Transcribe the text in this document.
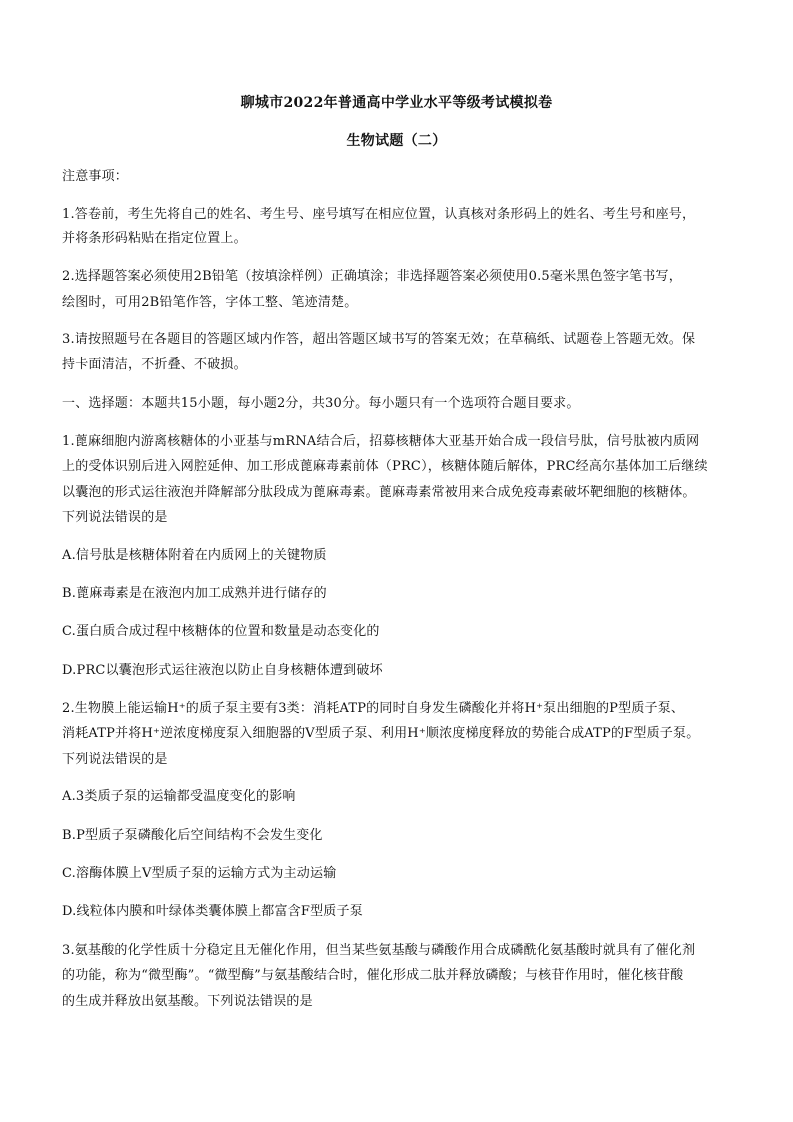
聊城市2022年普通高中学业水平等级考试模拟卷
生物试题（二）
注意事项：
1.答卷前，考生先将自己的姓名、考生号、座号填写在相应位置，认真核对条形码上的姓名、考生号和座号，
并将条形码粘贴在指定位置上。
2.选择题答案必须使用2B铅笔（按填涂样例）正确填涂；非选择题答案必须使用0.5毫米黑色签字笔书写，
绘图时，可用2B铅笔作答，字体工整、笔迹清楚。
3.请按照题号在各题目的答题区域内作答，超出答题区域书写的答案无效；在草稿纸、试题卷上答题无效。保
持卡面清洁，不折叠、不破损。
一、选择题：本题共15小题，每小题2分，共30分。每小题只有一个选项符合题目要求。
1.蓖麻细胞内游离核糖体的小亚基与mRNA结合后，招募核糖体大亚基开始合成一段信号肽，信号肽被内质网
上的受体识别后进入网腔延伸、加工形成蓖麻毒素前体（PRC），核糖体随后解体，PRC经高尔基体加工后继续
以囊泡的形式运往液泡并降解部分肽段成为蓖麻毒素。蓖麻毒素常被用来合成免疫毒素破坏靶细胞的核糖体。
下列说法错误的是
A.信号肽是核糖体附着在内质网上的关键物质
B.蓖麻毒素是在液泡内加工成熟并进行储存的
C.蛋白质合成过程中核糖体的位置和数量是动态变化的
D.PRC以囊泡形式运往液泡以防止自身核糖体遭到破坏
2.生物膜上能运输H⁺的质子泵主要有3类：消耗ATP的同时自身发生磷酸化并将H⁺泵出细胞的P型质子泵、
消耗ATP并将H⁺逆浓度梯度泵入细胞器的V型质子泵、利用H⁺顺浓度梯度释放的势能合成ATP的F型质子泵。
下列说法错误的是
A.3类质子泵的运输都受温度变化的影响
B.P型质子泵磷酸化后空间结构不会发生变化
C.溶酶体膜上V型质子泵的运输方式为主动运输
D.线粒体内膜和叶绿体类囊体膜上都富含F型质子泵
3.氨基酸的化学性质十分稳定且无催化作用，但当某些氨基酸与磷酸作用合成磷酰化氨基酸时就具有了催化剂
的功能，称为“微型酶”。“微型酶”与氨基酸结合时，催化形成二肽并释放磷酸；与核苷作用时，催化核苷酸
的生成并释放出氨基酸。下列说法错误的是
